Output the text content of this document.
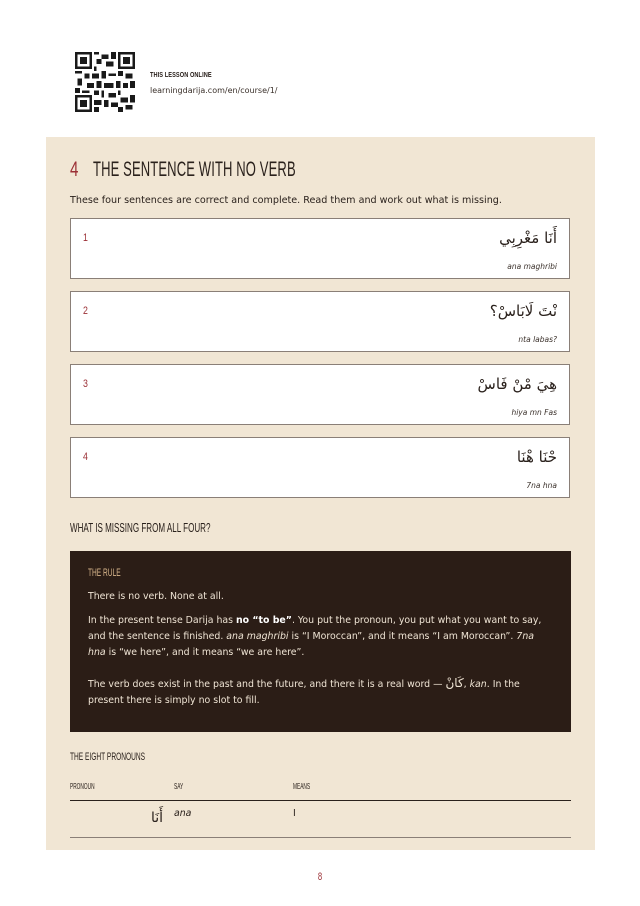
THIS LESSON ONLINE
learningdarija.com/en/course/1/
4 THE SENTENCE WITH NO VERB
These four sentences are correct and complete. Read them and work out what is missing.
1	أَنَا مَغْرِبِي
ana maghribi
2	نْتَ لَابَاسْ؟
nta labas?
3	هِيَ مْنْ فَاسْ
hiya mn Fas
4	حْنَا هْنَا
7na hna
WHAT IS MISSING FROM ALL FOUR?
THE RULE

There is no verb. None at all.

In the present tense Darija has no “to be”. You put the pronoun, you put what you want to say, and the sentence is finished. ana maghribi is “I Moroccan”, and it means “I am Moroccan”. 7na hna is “we here”, and it means “we are here”.

The verb does exist in the past and the future, and there it is a real word — كَانْ, kan. In the present there is simply no slot to fill.

THE EIGHT PRONOUNS
PRONOUN	SAY	MEANS
أَنَا ana	I
8
